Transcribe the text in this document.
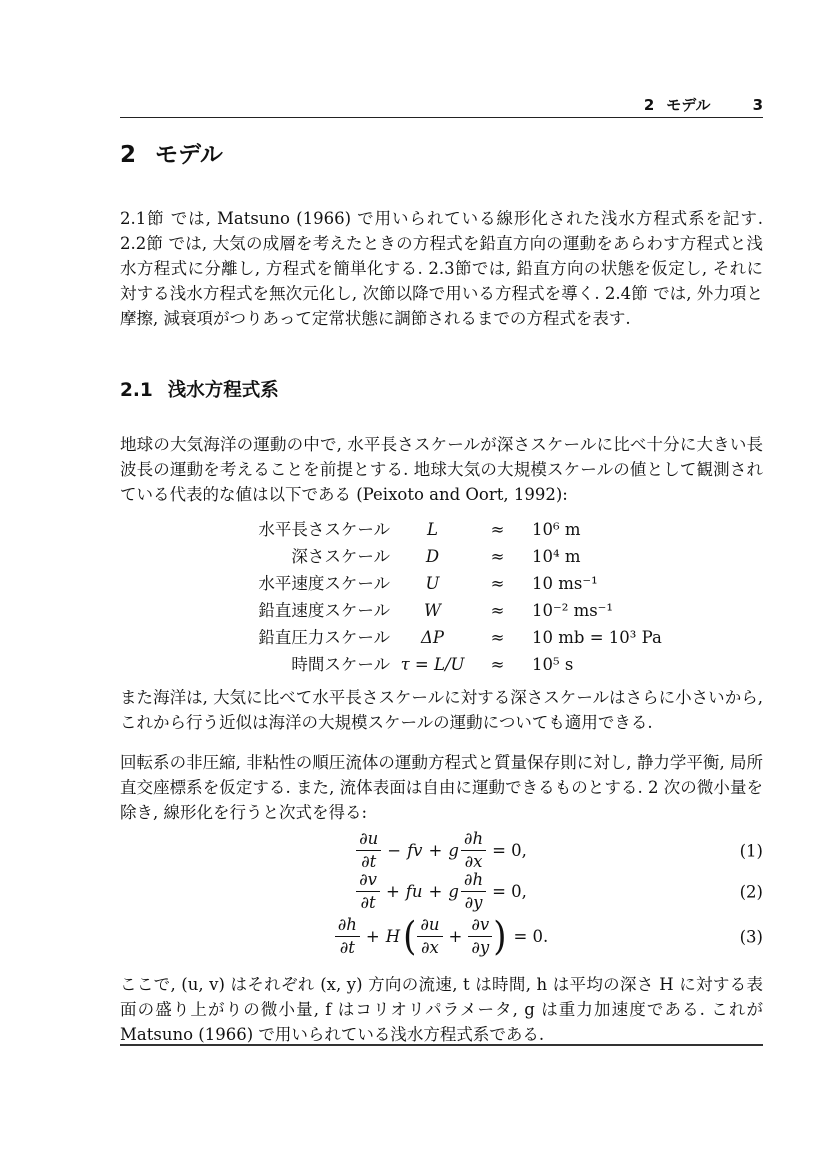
2 モデル	3
2 モデル

2.1節 では, Matsuno (1966) で用いられている線形化された浅水方程式系を記す. 2.2節 では, 大気の成層を考えたときの方程式を鉛直方向の運動をあらわす方程式と浅水方程式に分離し, 方程式を簡単化する. 2.3節では, 鉛直方向の状態を仮定し, それに対する浅水方程式を無次元化し, 次節以降で用いる方程式を導く. 2.4節 では, 外力項と摩擦, 減衰項がつりあって定常状態に調節されるまでの方程式を表す.

2.1 浅水方程式系

地球の大気海洋の運動の中で, 水平長さスケールが深さスケールに比べ十分に大きい長波長の運動を考えることを前提とする. 地球大気の大規模スケールの値として観測されている代表的な値は以下である (Peixoto and Oort, 1992):

水平長さスケール	L	≈	10⁶ m
深さスケール	D	≈	10⁴ m
水平速度スケール	U	≈	10 ms⁻¹
鉛直速度スケール	W	≈	10⁻² ms⁻¹
鉛直圧力スケール	ΔP	≈	10 mb = 10³ Pa
時間スケール τ = L/U	≈	10⁵ s

また海洋は, 大気に比べて水平長さスケールに対する深さスケールはさらに小さいから, これから行う近似は海洋の大規模スケールの運動についても適用できる.

回転系の非圧縮, 非粘性の順圧流体の運動方程式と質量保存則に対し, 静力学平衡, 局所直交座標系を仮定する. また, 流体表面は自由に運動できるものとする. 2 次の微小量を除き, 線形化を行うと次式を得る:

$\frac{\partial u}{\partial t}$ − fv + g $\frac{\partial h}{\partial x} = 0$,	(1)
$\frac{\partial v}{\partial t}$ + fu + g $\frac{\partial h}{\partial y} = 0$,	(2)
$\frac{\partial h}{\partial t} + H$ ( $\frac{\partial u}{\partial x} + \frac{\partial v}{\partial y}$ ) = 0.	(3)

ここで, (u, v) はそれぞれ (x, y) 方向の流速, t は時間, h は平均の深さ H に対する表面の盛り上がりの微小量, f はコリオリパラメータ, g は重力加速度である. これが Matsuno (1966) で用いられている浅水方程式系である.
